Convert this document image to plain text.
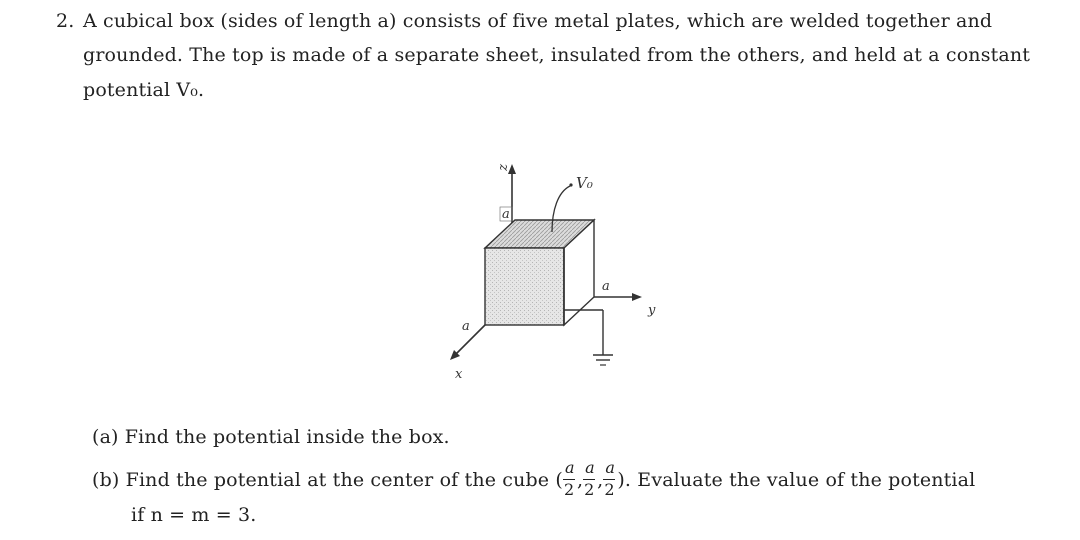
2. A cubical box (sides of length a) consists of five metal plates, which are welded together and
grounded. The top is made of a separate sheet, insulated from the others, and held at a constant
potential V₀.
z
V₀
a
y
a
x
a
(a) Find the potential inside the box.
(b) Find the potential at the center of the cube ( $\frac{a}{2}$ , $\frac{a}{2}$ , $\frac{a}{2}$ ). Evaluate the value of the potential
if n = m = 3.
